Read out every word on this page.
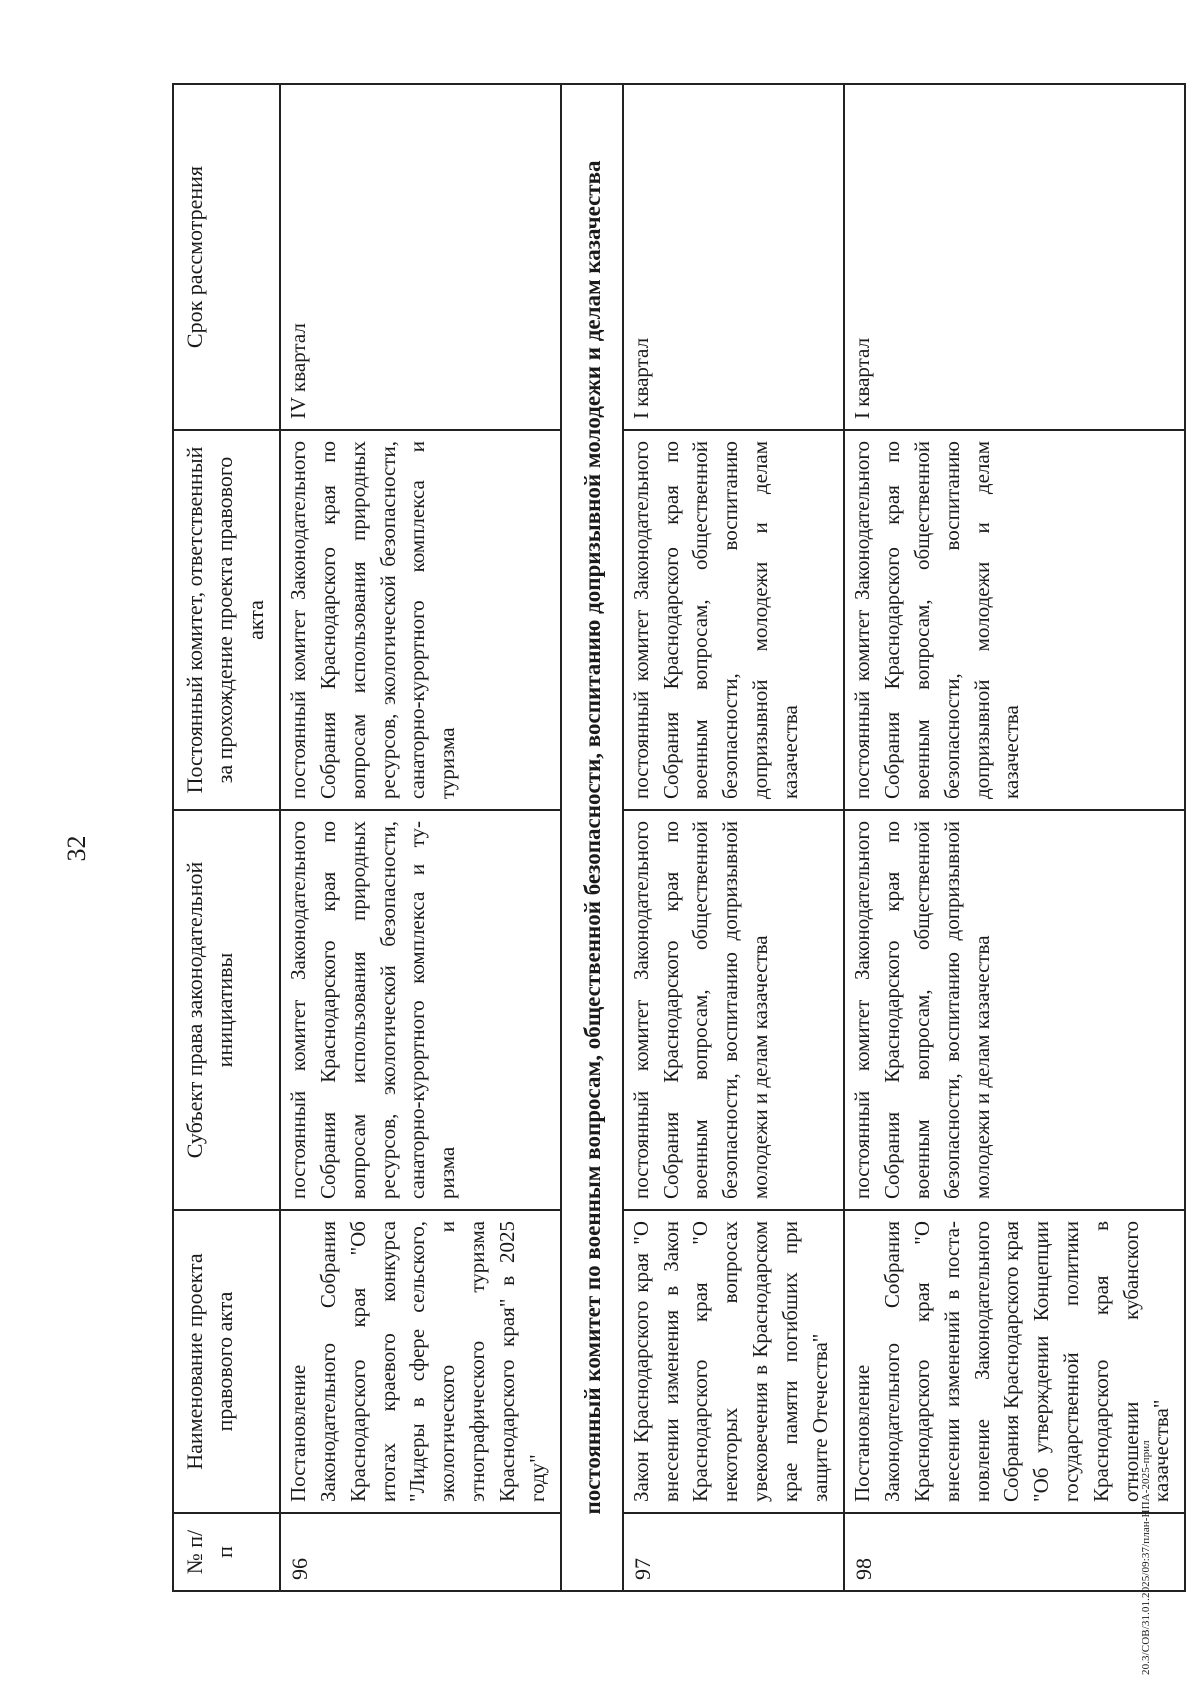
32
№ п/п	Наименование проекта правового акта	Субъект права законодательной инициативы	Постоянный комитет, ответственный за прохождение проекта правового акта	Срок рассмотрения
96	Постановление Законодательного Собрания Краснодарского края "Об итогах краевого конкурса "Лидеры в сфере сельского, экологического и этнографического туризма Краснодарского края" в 2025 году"	постоянный комитет Законодательного Собрания Краснодарского края по вопросам использования природных ресурсов, экологической безопасности, санаторно-курортного комплекса и туризма	постоянный комитет Законодательного Собрания Краснодарского края по вопросам использования природных ресурсов, экологической безопасности, санаторно-курортного комплекса и туризма	IV квартал
постоянный комитет по военным вопросам, общественной безопасности, воспитанию допризывной молодежи и делам казачества				
97	Закон Краснодарского края "О внесении изменения в Закон Краснодарского края "О некоторых вопросах увековечения в Краснодарском крае памяти погибших при защите Отечества"	постоянный комитет Законодательного Собрания Краснодарского края по военным вопросам, общественной безопасности, воспитанию допризывной молодежи и делам казачества	постоянный комитет Законодательного Собрания Краснодарского края по военным вопросам, общественной безопасности, воспитанию допризывной молодежи и делам казачества	I квартал
98	Постановление Законодательного Собрания Краснодарского края "О внесении изменений в постановление Законодательного Собрания Краснодарского края "Об утверждении Концепции государственной политики Краснодарского края в отношении кубанского казачества"	постоянный комитет Законодательного Собрания Краснодарского края по военным вопросам, общественной безопасности, воспитанию допризывной молодежи и делам казачества	постоянный комитет Законодательного Собрания Краснодарского края по военным вопросам, общественной безопасности, воспитанию допризывной молодежи и делам казачества	I квартал
20.3/СОВ/31.01.2025/09:37/план-НПА-2025-прил
